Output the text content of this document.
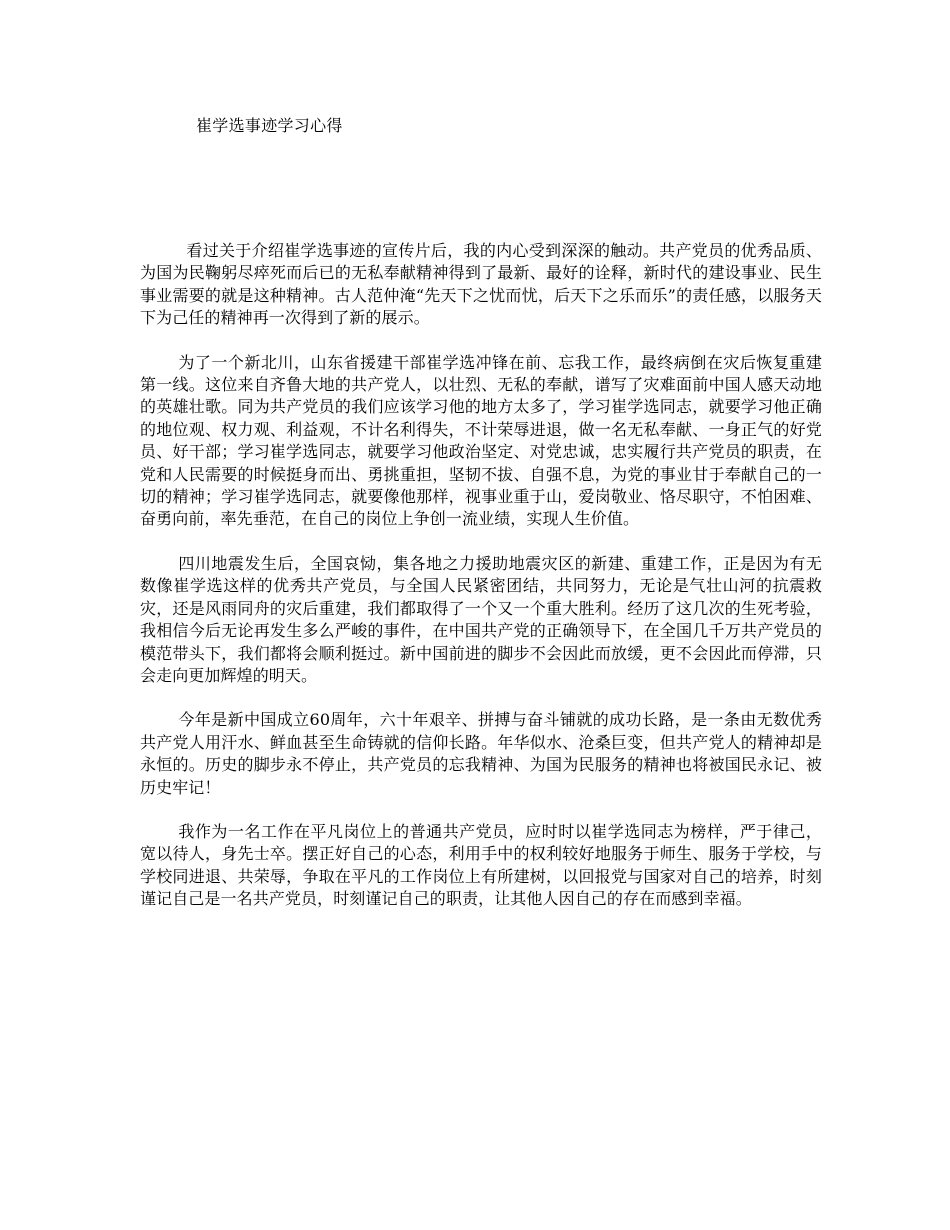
崔学选事迹学习心得

看过关于介绍崔学选事迹的宣传片后，我的内心受到深深的触动。共产党员的优秀品质、为国为民鞠躬尽瘁死而后已的无私奉献精神得到了最新、最好的诠释，新时代的建设事业、民生事业需要的就是这种精神。古人范仲淹“先天下之忧而忧，后天下之乐而乐”的责任感，以服务天下为己任的精神再一次得到了新的展示。

为了一个新北川，山东省援建干部崔学选冲锋在前、忘我工作，最终病倒在灾后恢复重建第一线。这位来自齐鲁大地的共产党人，以壮烈、无私的奉献，谱写了灾难面前中国人感天动地的英雄壮歌。同为共产党员的我们应该学习他的地方太多了，学习崔学选同志，就要学习他正确的地位观、权力观、利益观，不计名利得失，不计荣辱进退，做一名无私奉献、一身正气的好党员、好干部；学习崔学选同志，就要学习他政治坚定、对党忠诚，忠实履行共产党员的职责，在党和人民需要的时候挺身而出、勇挑重担，坚韧不拔、自强不息，为党的事业甘于奉献自己的一切的精神；学习崔学选同志，就要像他那样，视事业重于山，爱岗敬业、恪尽职守，不怕困难、奋勇向前，率先垂范，在自己的岗位上争创一流业绩，实现人生价值。

四川地震发生后，全国哀恸，集各地之力援助地震灾区的新建、重建工作，正是因为有无数像崔学选这样的优秀共产党员，与全国人民紧密团结，共同努力，无论是气壮山河的抗震救灾，还是风雨同舟的灾后重建，我们都取得了一个又一个重大胜利。经历了这几次的生死考验，我相信今后无论再发生多么严峻的事件，在中国共产党的正确领导下，在全国几千万共产党员的模范带头下，我们都将会顺利挺过。新中国前进的脚步不会因此而放缓，更不会因此而停滞，只会走向更加辉煌的明天。

今年是新中国成立60周年，六十年艰辛、拼搏与奋斗铺就的成功长路，是一条由无数优秀共产党人用汗水、鲜血甚至生命铸就的信仰长路。年华似水、沧桑巨变，但共产党人的精神却是永恒的。历史的脚步永不停止，共产党员的忘我精神、为国为民服务的精神也将被国民永记、被历史牢记！

我作为一名工作在平凡岗位上的普通共产党员，应时时以崔学选同志为榜样，严于律己，宽以待人，身先士卒。摆正好自己的心态，利用手中的权利较好地服务于师生、服务于学校，与学校同进退、共荣辱，争取在平凡的工作岗位上有所建树，以回报党与国家对自己的培养，时刻谨记自己是一名共产党员，时刻谨记自己的职责，让其他人因自己的存在而感到幸福。
